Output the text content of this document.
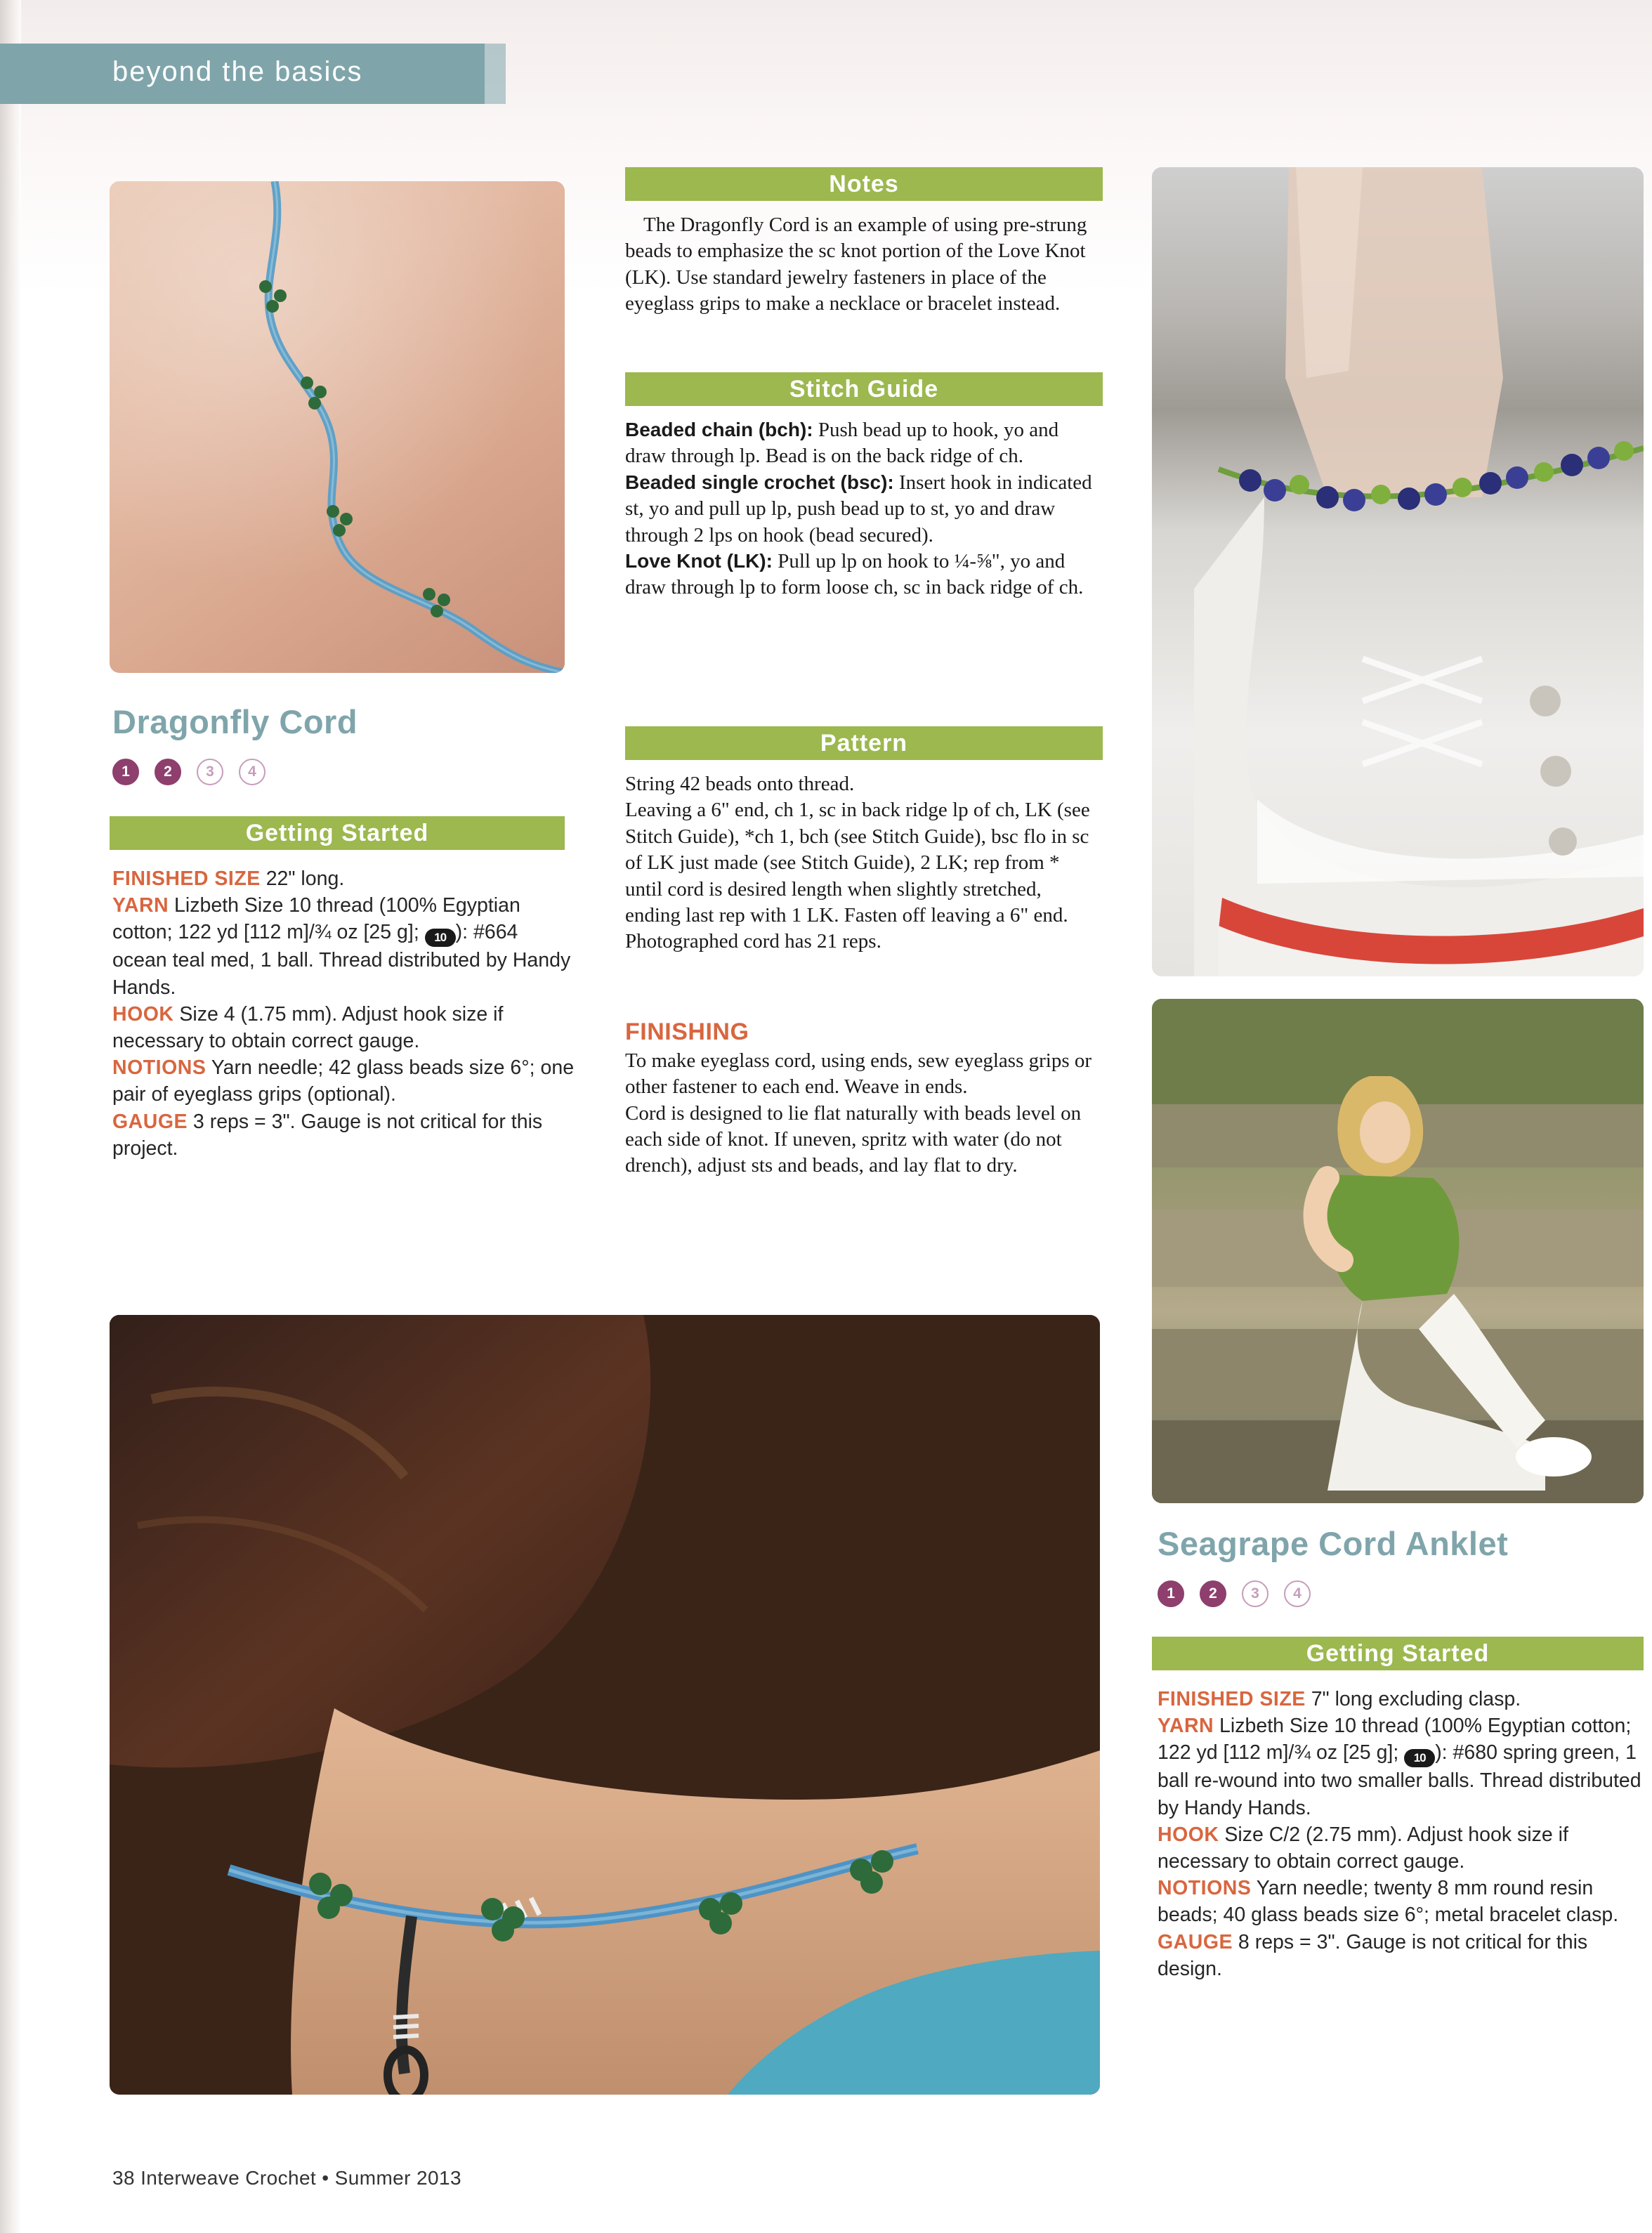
beyond the basics
Dragonfly Cord
1	2	3	4
Getting Started

FINISHED SIZE 22" long.

YARN Lizbeth Size 10 thread (100% Egyptian cotton; 122 yd [112 m]/¾ oz [25 g]; 10 ): #664 ocean teal med, 1 ball. Thread distributed by Handy Hands.

HOOK Size 4 (1.75 mm). Adjust hook size if necessary to obtain correct gauge.

NOTIONS Yarn needle; 42 glass beads size 6°; one pair of eyeglass grips (optional).

GAUGE 3 reps = 3". Gauge is not critical for this project.

Notes

The Dragonfly Cord is an example of using pre-strung beads to emphasize the sc knot portion of the Love Knot (LK). Use standard jewelry fasteners in place of the eyeglass grips to make a necklace or bracelet instead.

Stitch Guide

Beaded chain (bch): Push bead up to hook, yo and draw through lp. Bead is on the back ridge of ch.

Beaded single crochet (bsc): Insert hook in indicated st, yo and pull up lp, push bead up to st, yo and draw through 2 lps on hook (bead secured).

Love Knot (LK): Pull up lp on hook to ¼-⅝", yo and draw through lp to form loose ch, sc in back ridge of ch.

Pattern

String 42 beads onto thread.

Leaving a 6" end, ch 1, sc in back ridge lp of ch, LK (see Stitch Guide), *ch 1, bch (see Stitch Guide), bsc flo in sc of LK just made (see Stitch Guide), 2 LK; rep from * until cord is desired length when slightly stretched, ending last rep with 1 LK. Fasten off leaving a 6" end. Photographed cord has 21 reps.

FINISHING

To make eyeglass cord, using ends, sew eyeglass grips or other fastener to each end. Weave in ends.

Cord is designed to lie flat naturally with beads level on each side of knot. If uneven, spritz with water (do not drench), adjust sts and beads, and lay flat to dry.

Seagrape Cord Anklet
1	2	3	4
Getting Started

FINISHED SIZE 7" long excluding clasp.

YARN Lizbeth Size 10 thread (100% Egyptian cotton; 122 yd [112 m]/¾ oz [25 g]; 10 ): #680 spring green, 1 ball re-wound into two smaller balls. Thread distributed by Handy Hands.

HOOK Size C/2 (2.75 mm). Adjust hook size if necessary to obtain correct gauge.

NOTIONS Yarn needle; twenty 8 mm round resin beads; 40 glass beads size 6°; metal bracelet clasp.

GAUGE 8 reps = 3". Gauge is not critical for this design.

38 Interweave Crochet • Summer 2013
